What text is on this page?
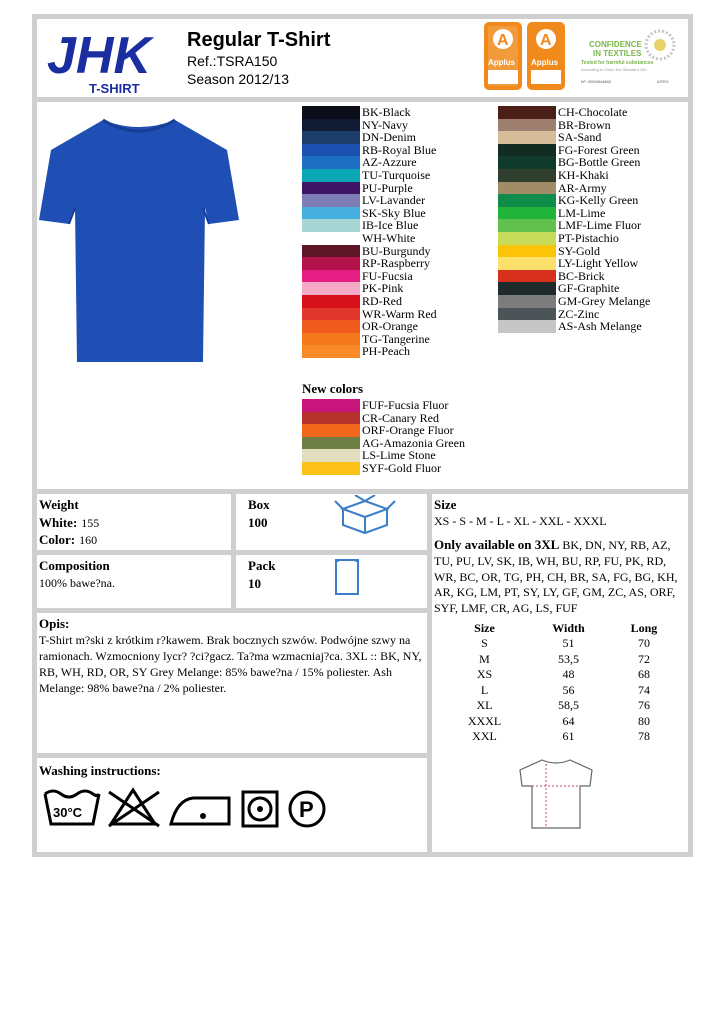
JHK
T-SHIRT
Regular T-Shirt
Ref.:TSRA150
Season 2012/13
A
Applus
A
Applus
CONFIDENCE
IN TEXTILES
Tested for harmful substances
According to Oeko-Tex Standard 100
Nº: 2009AN4682	AITEX
BK-Black
NY-Navy
DN-Denim
RB-Royal Blue
AZ-Azzure
TU-Turquoise
PU-Purple
LV-Lavander
SK-Sky Blue
IB-Ice Blue
WH-White
BU-Burgundy
RP-Raspberry
FU-Fucsia
PK-Pink
RD-Red
WR-Warm Red
OR-Orange
TG-Tangerine
PH-Peach
CH-Chocolate
BR-Brown
SA-Sand
FG-Forest Green
BG-Bottle Green
KH-Khaki
AR-Army
KG-Kelly Green
LM-Lime
LMF-Lime Fluor
PT-Pistachio
SY-Gold
LY-Light Yellow
BC-Brick
GF-Graphite
GM-Grey Melange
ZC-Zinc
AS-Ash Melange
New colors
FUF-Fucsia Fluor
CR-Canary Red
ORF-Orange Fluor
AG-Amazonia Green
LS-Lime Stone
SYF-Gold Fluor
Weight
White: 155
Color: 160
Box
100
Composition
100% bawe?na.
Pack
10
Opis:
T-Shirt m?ski z krótkim r?kawem. Brak bocznych szwów. Podwójne szwy na ramionach. Wzmocniony lycr? ?ci?gacz. Ta?ma wzmacniaj?ca. 3XL :: BK, NY, RB, WH, RD, OR, SY Grey Melange: 85% bawe?na / 15% poliester. Ash Melange: 98% bawe?na / 2% poliester.
Washing instructions:
30°C	P
Size
XS - S - M - L - XL - XXL - XXXL
Only available on 3XL BK, DN, NY, RB, AZ, TU, PU, LV, SK, IB, WH, BU, RP, FU, PK, RD, WR, BC, OR, TG, PH, CH, BR, SA, FG, BG, KH, AR, KG, LM, PT, SY, LY, GF, GM, ZC, AS, ORF, SYF, LMF, CR, AG, LS, FUF
Size	Width	Long
S	51	70
M	53,5	72
XS	48	68
L	56	74
XL	58,5	76
XXXL	64	80
XXL	61	78
